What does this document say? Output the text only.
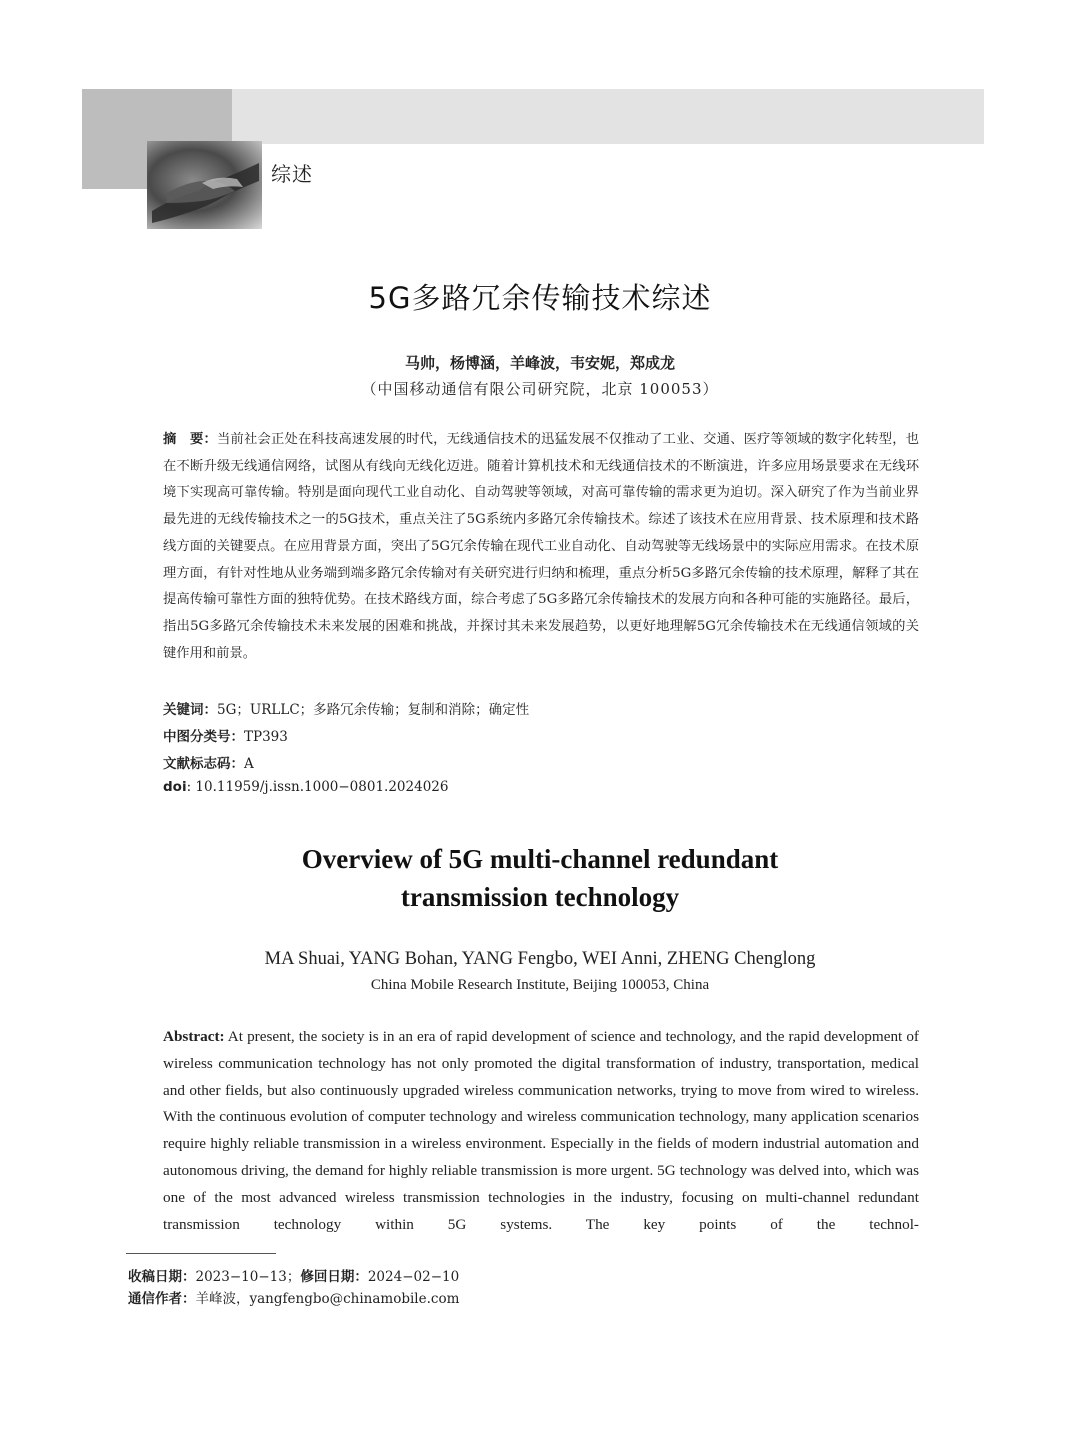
综述
5G多路冗余传输技术综述
马帅，杨博涵，羊峰波，韦安妮，郑成龙
（中国移动通信有限公司研究院，北京 100053）
摘　要：当前社会正处在科技高速发展的时代，无线通信技术的迅猛发展不仅推动了工业、交通、医疗等领域的数字化转型，也在不断升级无线通信网络，试图从有线向无线化迈进。随着计算机技术和无线通信技术的不断演进，许多应用场景要求在无线环境下实现高可靠传输。特别是面向现代工业自动化、自动驾驶等领域，对高可靠传输的需求更为迫切。深入研究了作为当前业界最先进的无线传输技术之一的5G技术，重点关注了5G系统内多路冗余传输技术。综述了该技术在应用背景、技术原理和技术路线方面的关键要点。在应用背景方面，突出了5G冗余传输在现代工业自动化、自动驾驶等无线场景中的实际应用需求。在技术原理方面，有针对性地从业务端到端多路冗余传输对有关研究进行归纳和梳理，重点分析5G多路冗余传输的技术原理，解释了其在提高传输可靠性方面的独特优势。在技术路线方面，综合考虑了5G多路冗余传输技术的发展方向和各种可能的实施路径。最后，指出5G多路冗余传输技术未来发展的困难和挑战，并探讨其未来发展趋势，以更好地理解5G冗余传输技术在无线通信领域的关键作用和前景。
关键词：5G；URLLC；多路冗余传输；复制和消除；确定性
中图分类号：TP393
文献标志码：A
doi: 10.11959/j.issn.1000−0801.2024026
Overview of 5G multi-channel redundant
transmission technology
MA Shuai, YANG Bohan, YANG Fengbo, WEI Anni, ZHENG Chenglong
China Mobile Research Institute, Beijing 100053, China
Abstract: At present, the society is in an era of rapid development of science and technology, and the rapid development of wireless communication technology has not only promoted the digital transformation of industry, transportation, medical and other fields, but also continuously upgraded wireless communication networks, trying to move from wired to wireless. With the continuous evolution of computer technology and wireless communication technology, many application scenarios require highly reliable transmission in a wireless environment. Especially in the fields of modern industrial automation and autonomous driving, the demand for highly reliable transmission is more urgent. 5G technology was delved into, which was one of the most advanced wireless transmission technologies in the industry, focusing on multi-channel redundant transmission technology within 5G systems. The key points of the technol-
收稿日期：2023−10−13；修回日期：2024−02−10
通信作者：羊峰波，yangfengbo@chinamobile.com
